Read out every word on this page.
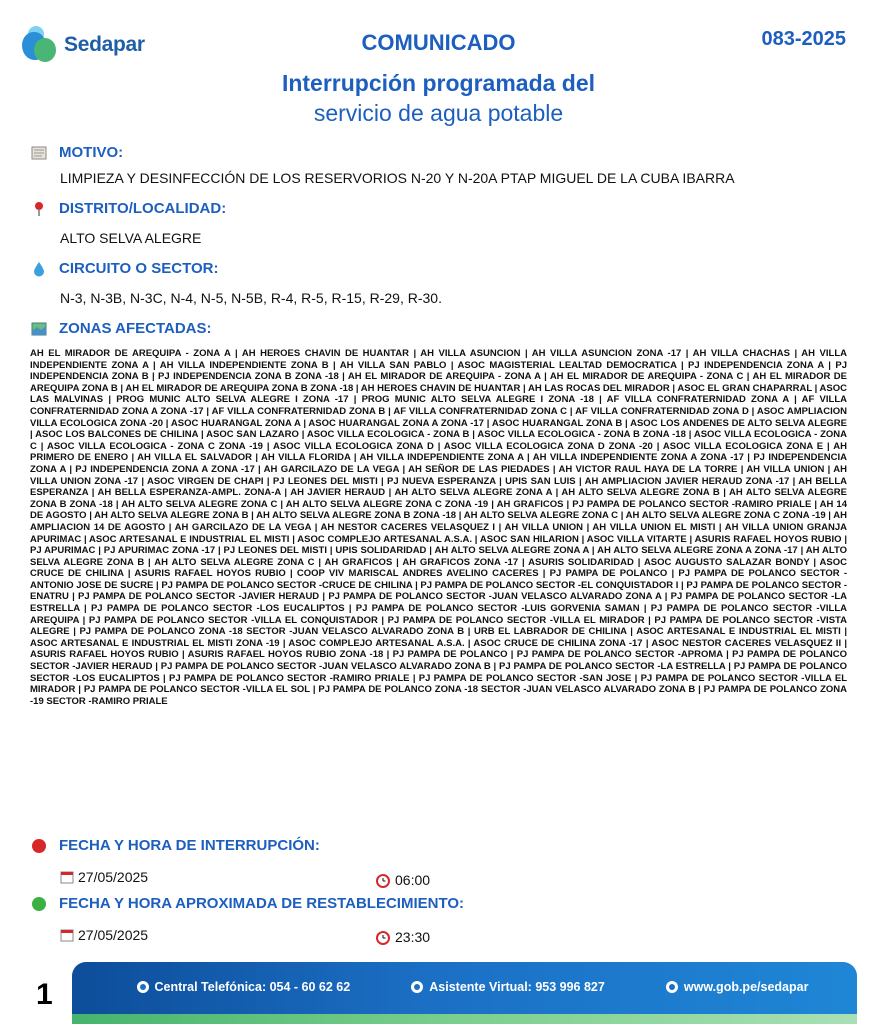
Sedapar	COMUNICADO	083-2025
Interrupción programada del
servicio de agua potable
MOTIVO:
LIMPIEZA Y DESINFECCIÓN DE LOS RESERVORIOS N-20 Y N-20A PTAP MIGUEL DE LA CUBA IBARRA
DISTRITO/LOCALIDAD:
ALTO SELVA ALEGRE
CIRCUITO O SECTOR:
N-3, N-3B, N-3C, N-4, N-5, N-5B, R-4, R-5, R-15, R-29, R-30.
ZONAS AFECTADAS:
AH EL MIRADOR DE AREQUIPA - ZONA A | AH HEROES CHAVIN DE HUANTAR | AH VILLA ASUNCION | AH VILLA ASUNCION ZONA -17 | AH VILLA CHACHAS | AH VILLA INDEPENDIENTE ZONA A | AH VILLA INDEPENDIENTE ZONA B | AH VILLA SAN PABLO | ASOC MAGISTERIAL LEALTAD DEMOCRATICA | PJ INDEPENDENCIA ZONA A | PJ INDEPENDENCIA ZONA B | PJ INDEPENDENCIA ZONA B ZONA -18 | AH EL MIRADOR DE AREQUIPA - ZONA A | AH EL MIRADOR DE AREQUIPA - ZONA C | AH EL MIRADOR DE AREQUIPA ZONA B | AH EL MIRADOR DE AREQUIPA ZONA B ZONA -18 | AH HEROES CHAVIN DE HUANTAR | AH LAS ROCAS DEL MIRADOR | ASOC EL GRAN CHAPARRAL | ASOC LAS MALVINAS | PROG MUNIC ALTO SELVA ALEGRE I ZONA -17 | PROG MUNIC ALTO SELVA ALEGRE I ZONA -18 | AF VILLA CONFRATERNIDAD ZONA A | AF VILLA CONFRATERNIDAD ZONA A ZONA -17 | AF VILLA CONFRATERNIDAD ZONA B | AF VILLA CONFRATERNIDAD ZONA C | AF VILLA CONFRATERNIDAD ZONA D | ASOC AMPLIACION VILLA ECOLOGICA ZONA -20 | ASOC HUARANGAL ZONA A | ASOC HUARANGAL ZONA A ZONA -17 | ASOC HUARANGAL ZONA B | ASOC LOS ANDENES DE ALTO SELVA ALEGRE | ASOC LOS BALCONES DE CHILINA | ASOC SAN LAZARO | ASOC VILLA ECOLOGICA - ZONA B | ASOC VILLA ECOLOGICA - ZONA B ZONA -18 | ASOC VILLA ECOLOGICA - ZONA C | ASOC VILLA ECOLOGICA - ZONA C ZONA -19 | ASOC VILLA ECOLOGICA ZONA D | ASOC VILLA ECOLOGICA ZONA D ZONA -20 | ASOC VILLA ECOLOGICA ZONA E | AH PRIMERO DE ENERO | AH VILLA EL SALVADOR | AH VILLA FLORIDA | AH VILLA INDEPENDIENTE ZONA A | AH VILLA INDEPENDIENTE ZONA A ZONA -17 | PJ INDEPENDENCIA ZONA A | PJ INDEPENDENCIA ZONA A ZONA -17 | AH GARCILAZO DE LA VEGA | AH SEÑOR DE LAS PIEDADES | AH VICTOR RAUL HAYA DE LA TORRE | AH VILLA UNION | AH VILLA UNION ZONA -17 | ASOC VIRGEN DE CHAPI | PJ LEONES DEL MISTI | PJ NUEVA ESPERANZA | UPIS SAN LUIS | AH AMPLIACION JAVIER HERAUD ZONA -17 | AH BELLA ESPERANZA | AH BELLA ESPERANZA-AMPL. ZONA-A | AH JAVIER HERAUD | AH ALTO SELVA ALEGRE ZONA A | AH ALTO SELVA ALEGRE ZONA B | AH ALTO SELVA ALEGRE ZONA B ZONA -18 | AH ALTO SELVA ALEGRE ZONA C | AH ALTO SELVA ALEGRE ZONA C ZONA -19 | AH GRAFICOS | PJ PAMPA DE POLANCO SECTOR -RAMIRO PRIALE | AH 14 DE AGOSTO | AH ALTO SELVA ALEGRE ZONA B | AH ALTO SELVA ALEGRE ZONA B ZONA -18 | AH ALTO SELVA ALEGRE ZONA C | AH ALTO SELVA ALEGRE ZONA C ZONA -19 | AH AMPLIACION 14 DE AGOSTO | AH GARCILAZO DE LA VEGA | AH NESTOR CACERES VELASQUEZ I | AH VILLA UNION | AH VILLA UNION EL MISTI | AH VILLA UNION GRANJA APURIMAC | ASOC ARTESANAL E INDUSTRIAL EL MISTI | ASOC COMPLEJO ARTESANAL A.S.A. | ASOC SAN HILARION | ASOC VILLA VITARTE | ASURIS RAFAEL HOYOS RUBIO | PJ APURIMAC | PJ APURIMAC ZONA -17 | PJ LEONES DEL MISTI | UPIS SOLIDARIDAD | AH ALTO SELVA ALEGRE ZONA A | AH ALTO SELVA ALEGRE ZONA A ZONA -17 | AH ALTO SELVA ALEGRE ZONA B | AH ALTO SELVA ALEGRE ZONA C | AH GRAFICOS | AH GRAFICOS ZONA -17 | ASURIS SOLIDARIDAD | ASOC AUGUSTO SALAZAR BONDY | ASOC CRUCE DE CHILINA | ASURIS RAFAEL HOYOS RUBIO | COOP VIV MARISCAL ANDRES AVELINO CACERES | PJ PAMPA DE POLANCO | PJ PAMPA DE POLANCO SECTOR -ANTONIO JOSE DE SUCRE | PJ PAMPA DE POLANCO SECTOR -CRUCE DE CHILINA | PJ PAMPA DE POLANCO SECTOR -EL CONQUISTADOR I | PJ PAMPA DE POLANCO SECTOR -ENATRU | PJ PAMPA DE POLANCO SECTOR -JAVIER HERAUD | PJ PAMPA DE POLANCO SECTOR -JUAN VELASCO ALVARADO ZONA A | PJ PAMPA DE POLANCO SECTOR -LA ESTRELLA | PJ PAMPA DE POLANCO SECTOR -LOS EUCALIPTOS | PJ PAMPA DE POLANCO SECTOR -LUIS GORVENIA SAMAN | PJ PAMPA DE POLANCO SECTOR -VILLA AREQUIPA | PJ PAMPA DE POLANCO SECTOR -VILLA EL CONQUISTADOR | PJ PAMPA DE POLANCO SECTOR -VILLA EL MIRADOR | PJ PAMPA DE POLANCO SECTOR -VISTA ALEGRE | PJ PAMPA DE POLANCO ZONA -18 SECTOR -JUAN VELASCO ALVARADO ZONA B | URB EL LABRADOR DE CHILINA | ASOC ARTESANAL E INDUSTRIAL EL MISTI | ASOC ARTESANAL E INDUSTRIAL EL MISTI ZONA -19 | ASOC COMPLEJO ARTESANAL A.S.A. | ASOC CRUCE DE CHILINA ZONA -17 | ASOC NESTOR CACERES VELASQUEZ II | ASURIS RAFAEL HOYOS RUBIO | ASURIS RAFAEL HOYOS RUBIO ZONA -18 | PJ PAMPA DE POLANCO | PJ PAMPA DE POLANCO SECTOR -APROMA | PJ PAMPA DE POLANCO SECTOR -JAVIER HERAUD | PJ PAMPA DE POLANCO SECTOR -JUAN VELASCO ALVARADO ZONA B | PJ PAMPA DE POLANCO SECTOR -LA ESTRELLA | PJ PAMPA DE POLANCO SECTOR -LOS EUCALIPTOS | PJ PAMPA DE POLANCO SECTOR -RAMIRO PRIALE | PJ PAMPA DE POLANCO SECTOR -SAN JOSE | PJ PAMPA DE POLANCO SECTOR -VILLA EL MIRADOR | PJ PAMPA DE POLANCO SECTOR -VILLA EL SOL | PJ PAMPA DE POLANCO ZONA -18 SECTOR -JUAN VELASCO ALVARADO ZONA B | PJ PAMPA DE POLANCO ZONA -19 SECTOR -RAMIRO PRIALE
FECHA Y HORA DE INTERRUPCIÓN:
27/05/2025	06:00
FECHA Y HORA APROXIMADA DE RESTABLECIMIENTO:
27/05/2025	23:30
1	Central Telefónica: 054 - 60 62 62	Asistente Virtual: 953 996 827	www.gob.pe/sedapar
